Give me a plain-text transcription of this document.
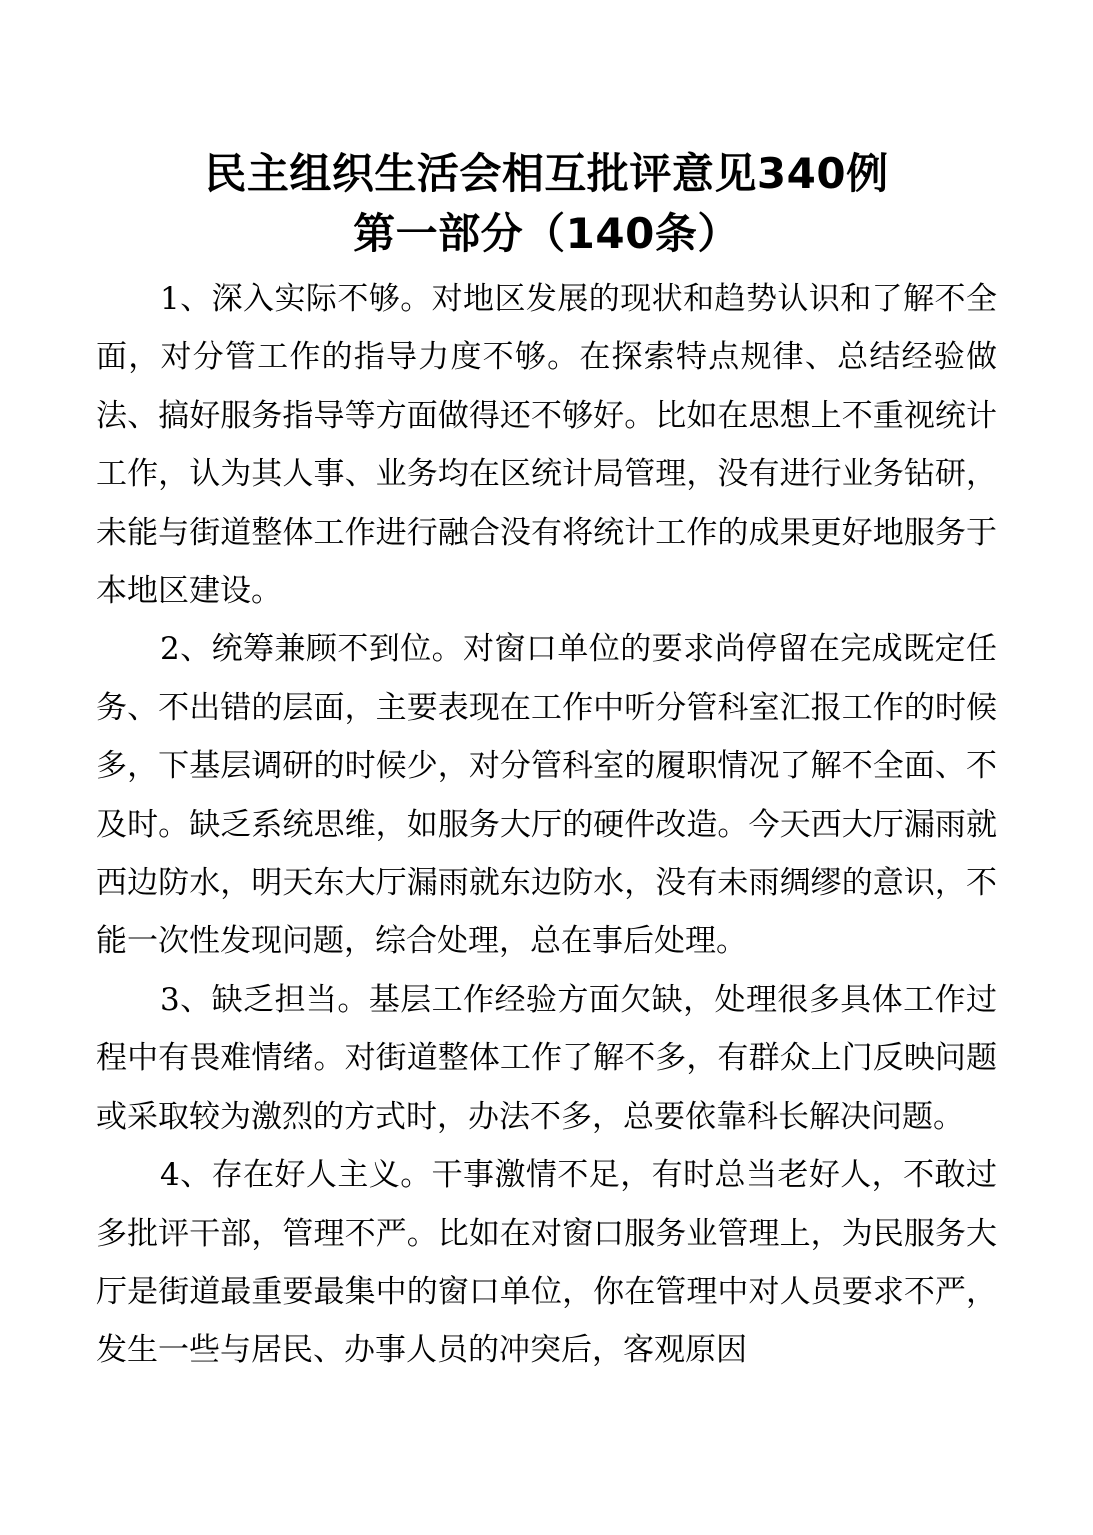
民主组织生活会相互批评意见340例
第一部分（140条）

1、深入实际不够。对地区发展的现状和趋势认识和了解不全面，对分管工作的指导力度不够。在探索特点规律、总结经验做法、搞好服务指导等方面做得还不够好。比如在思想上不重视统计工作，认为其人事、业务均在区统计局管理，没有进行业务钻研，未能与街道整体工作进行融合没有将统计工作的成果更好地服务于本地区建设。

2、统筹兼顾不到位。对窗口单位的要求尚停留在完成既定任务、不出错的层面，主要表现在工作中听分管科室汇报工作的时候多，下基层调研的时候少，对分管科室的履职情况了解不全面、不及时。缺乏系统思维，如服务大厅的硬件改造。今天西大厅漏雨就西边防水，明天东大厅漏雨就东边防水，没有未雨绸缪的意识，不能一次性发现问题，综合处理，总在事后处理。

3、缺乏担当。基层工作经验方面欠缺，处理很多具体工作过程中有畏难情绪。对街道整体工作了解不多，有群众上门反映问题或采取较为激烈的方式时，办法不多，总要依靠科长解决问题。

4、存在好人主义。干事激情不足，有时总当老好人，不敢过多批评干部，管理不严。比如在对窗口服务业管理上，为民服务大厅是街道最重要最集中的窗口单位，你在管理中对人员要求不严，发生一些与居民、办事人员的冲突后，客观原因
